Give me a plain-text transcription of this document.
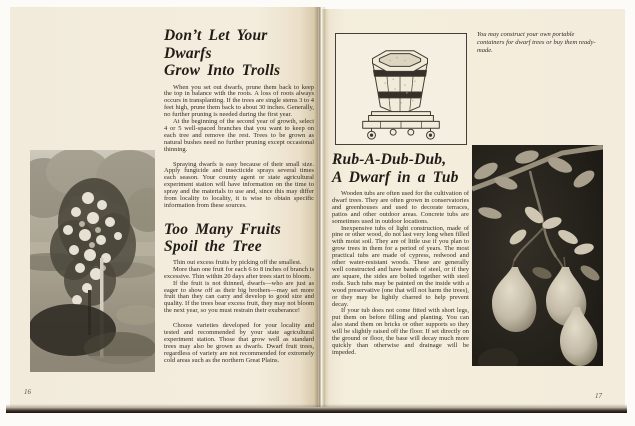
Don’t Let Your Dwarfs
Grow Into Trolls

When you set out dwarfs, prune them back to keep the top in balance with the roots. A loss of roots always occurs in transplanting. If the trees are single stems 3 to 4 feet high, prune them back to about 30 inches. Generally, no further pruning is needed during the first year.

At the beginning of the second year of growth, select 4 or 5 well-spaced branches that you want to keep on each tree and remove the rest. Trees to be grown as natural bushes need no further pruning except occasional thinning.

Spraying dwarfs is easy because of their small size. Apply fungicide and insecticide sprays several times each season. Your county agent or state agricultural experiment station will have information on the time to spray and the materials to use and, since this may differ from locality to locality, it is wise to obtain specific information from these sources.

Too Many Fruits
Spoil the Tree

Thin out excess fruits by picking off the smallest.

More than one fruit for each 6 to 8 inches of branch is excessive. Thin within 20 days after trees start to bloom.

If the fruit is not thinned, dwarfs—who are just as eager to show off as their big brothers—may set more fruit than they can carry and develop to good size and quality. If the trees bear excess fruit, they may not bloom the next year, so you must restrain their exuberance!

Choose varieties developed for your locality and tested and recommended by your state agricultural experiment station. Those that grow well as standard trees may also be grown as dwarfs. Dwarf fruit trees, regardless of variety are not recommended for extremely cold areas such as the northern Great Plains.

16
You may construct your own portable containers for dwarf trees or buy them ready-made.
Rub-A-Dub-Dub,
A Dwarf in a Tub

Wooden tubs are often used for the cultivation of dwarf trees. They are often grown in conservatories and greenhouses and used to decorate terraces, patios and other outdoor areas. Concrete tubs are sometimes used in outdoor locations.

Inexpensive tubs of light construction, made of pine or other wood, do not last very long when filled with moist soil. They are of little use if you plan to grow trees in them for a period of years. The most practical tubs are made of cypress, redwood and other water-resistant woods. These are generally well constructed and have bands of steel, or if they are square, the sides are bolted together with steel rods. Such tubs may be painted on the inside with a wood preservative (one that will not harm the trees), or they may be lightly charred to help prevent decay.

If your tub does not come fitted with short legs, put them on before filling and planting. You can also stand them on bricks or other supports so they will be slightly raised off the floor. If set directly on the ground or floor, the base will decay much more quickly than otherwise and drainage will be impeded.

17
